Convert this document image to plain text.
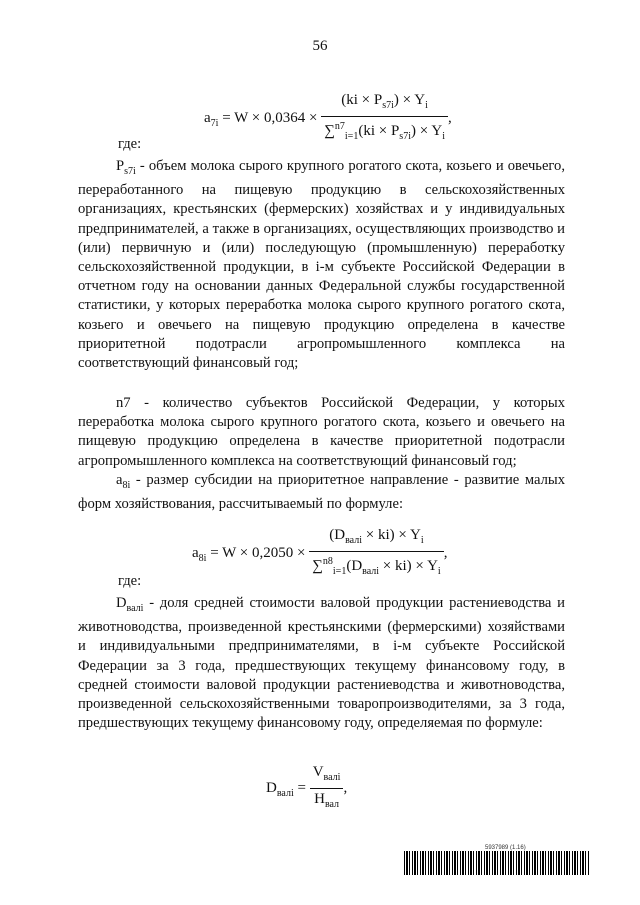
56
$a_{7i} = W \times 0,0364 \times \frac{(ki \times P_{s7i}) \times Y_i}{\sum^{n7}_{i=1}(ki \times P_{s7i}) \times Y_i}$ ,
где:

$P_{s7i}$ - объем молока сырого крупного рогатого скота, козьего и овечьего, переработанного на пищевую продукцию в сельскохозяйственных организациях, крестьянских (фермерских) хозяйствах и у индивидуальных предпринимателей, а также в организациях, осуществляющих производство и (или) первичную и (или) последующую (промышленную) переработку сельскохозяйственной продукции, в i-м субъекте Российской Федерации в отчетном году на основании данных Федеральной службы государственной статистики, у которых переработка молока сырого крупного рогатого скота, козьего и овечьего на пищевую продукцию определена в качестве приоритетной подотрасли агропромышленного комплекса на соответствующий финансовый год;

n7 - количество субъектов Российской Федерации, у которых переработка молока сырого крупного рогатого скота, козьего и овечьего на пищевую продукцию определена в качестве приоритетной подотрасли агропромышленного комплекса на соответствующий финансовый год;

$a_{8i}$ - размер субсидии на приоритетное направление - развитие малых форм хозяйствования, рассчитываемый по формуле:

$a_{8i} = W \times 0,2050 \times \frac{(D_{валi} \times ki) \times Y_i}{\sum^{n8}_{i=1}(D_{валi} \times ki) \times Y_i}$ ,
где:

$D_{валi}$ - доля средней стоимости валовой продукции растениеводства и животноводства, произведенной крестьянскими (фермерскими) хозяйствами и индивидуальными предпринимателями, в i-м субъекте Российской Федерации за 3 года, предшествующих текущему финансовому году, в средней стоимости валовой продукции растениеводства и животноводства, произведенной сельскохозяйственными товаропроизводителями, за 3 года, предшествующих текущему финансовому году, определяемая по формуле:

$D_{валi} = \frac{V_{валi}}{H_{вал}}$ ,
5937989 (1.16)
